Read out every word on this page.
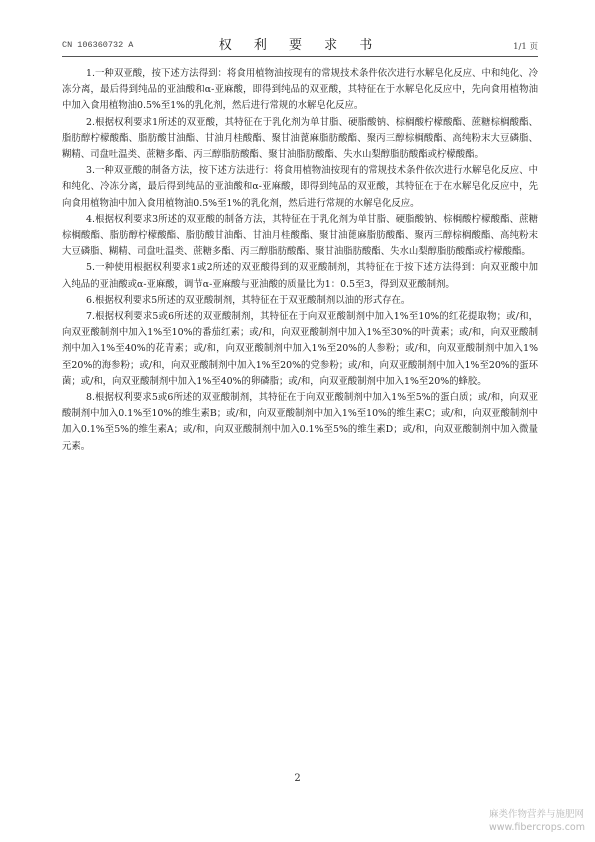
CN 106360732 A	权 利 要 求 书	1/1 页

1.一种双亚酸，按下述方法得到：将食用植物油按现有的常规技术条件依次进行水解皂化反应、中和纯化、冷冻分离，最后得到纯品的亚油酸和α-亚麻酸，即得到纯品的双亚酸，其特征在于水解皂化反应中，先向食用植物油中加入食用植物油0.5%至1%的乳化剂，然后进行常规的水解皂化反应。

2.根据权利要求1所述的双亚酸，其特征在于乳化剂为单甘脂、硬脂酸钠、棕榈酸柠檬酸酯、蔗糖棕榈酸酯、脂肪醇柠檬酸酯、脂肪酸甘油酯、甘油月桂酸酯、聚甘油蓖麻脂肪酸酯、聚丙三醇棕榈酸酯、高纯粉末大豆磷脂、糊精、司盘吐温类、蔗糖多酯、丙三醇脂肪酸酯、聚甘油脂肪酸酯、失水山梨醇脂肪酸酯或柠檬酸酯。

3.一种双亚酸的制备方法，按下述方法进行：将食用植物油按现有的常规技术条件依次进行水解皂化反应、中和纯化、冷冻分离，最后得到纯品的亚油酸和α-亚麻酸，即得到纯品的双亚酸，其特征在于在水解皂化反应中，先向食用植物油中加入食用植物油0.5%至1%的乳化剂，然后进行常规的水解皂化反应。

4.根据权利要求3所述的双亚酸的制备方法，其特征在于乳化剂为单甘脂、硬脂酸钠、棕榈酸柠檬酸酯、蔗糖棕榈酸酯、脂肪醇柠檬酸酯、脂肪酸甘油酯、甘油月桂酸酯、聚甘油蓖麻脂肪酸酯、聚丙三醇棕榈酸酯、高纯粉末大豆磷脂、糊精、司盘吐温类、蔗糖多酯、丙三醇脂肪酸酯、聚甘油脂肪酸酯、失水山梨醇脂肪酸酯或柠檬酸酯。

5.一种使用根据权利要求1或2所述的双亚酸得到的双亚酸制剂，其特征在于按下述方法得到：向双亚酸中加入纯品的亚油酸或α-亚麻酸，调节α-亚麻酸与亚油酸的质量比为1：0.5至3，得到双亚酸制剂。

6.根据权利要求5所述的双亚酸制剂，其特征在于双亚酸制剂以油的形式存在。

7.根据权利要求5或6所述的双亚酸制剂，其特征在于向双亚酸制剂中加入1%至10%的红花提取物；或/和，向双亚酸制剂中加入1%至10%的番茄红素；或/和，向双亚酸制剂中加入1%至30%的叶黄素；或/和，向双亚酸制剂中加入1%至40%的花青素；或/和，向双亚酸制剂中加入1%至20%的人参粉；或/和，向双亚酸制剂中加入1%至20%的海参粉；或/和，向双亚酸制剂中加入1%至20%的党参粉；或/和，向双亚酸制剂中加入1%至20%的蛋环菌；或/和，向双亚酸制剂中加入1%至40%的卵磷脂；或/和，向双亚酸制剂中加入1%至20%的蜂胶。

8.根据权利要求5或6所述的双亚酸制剂，其特征在于向双亚酸制剂中加入1%至5%的蛋白质；或/和，向双亚酸制剂中加入0.1%至10%的维生素B；或/和，向双亚酸制剂中加入1%至10%的维生素C；或/和，向双亚酸制剂中加入0.1%至5%的维生素A；或/和，向双亚酸制剂中加入0.1%至5%的维生素D；或/和，向双亚酸制剂中加入微量元素。

2
麻类作物营养与施肥网
www.fibercrops.com
